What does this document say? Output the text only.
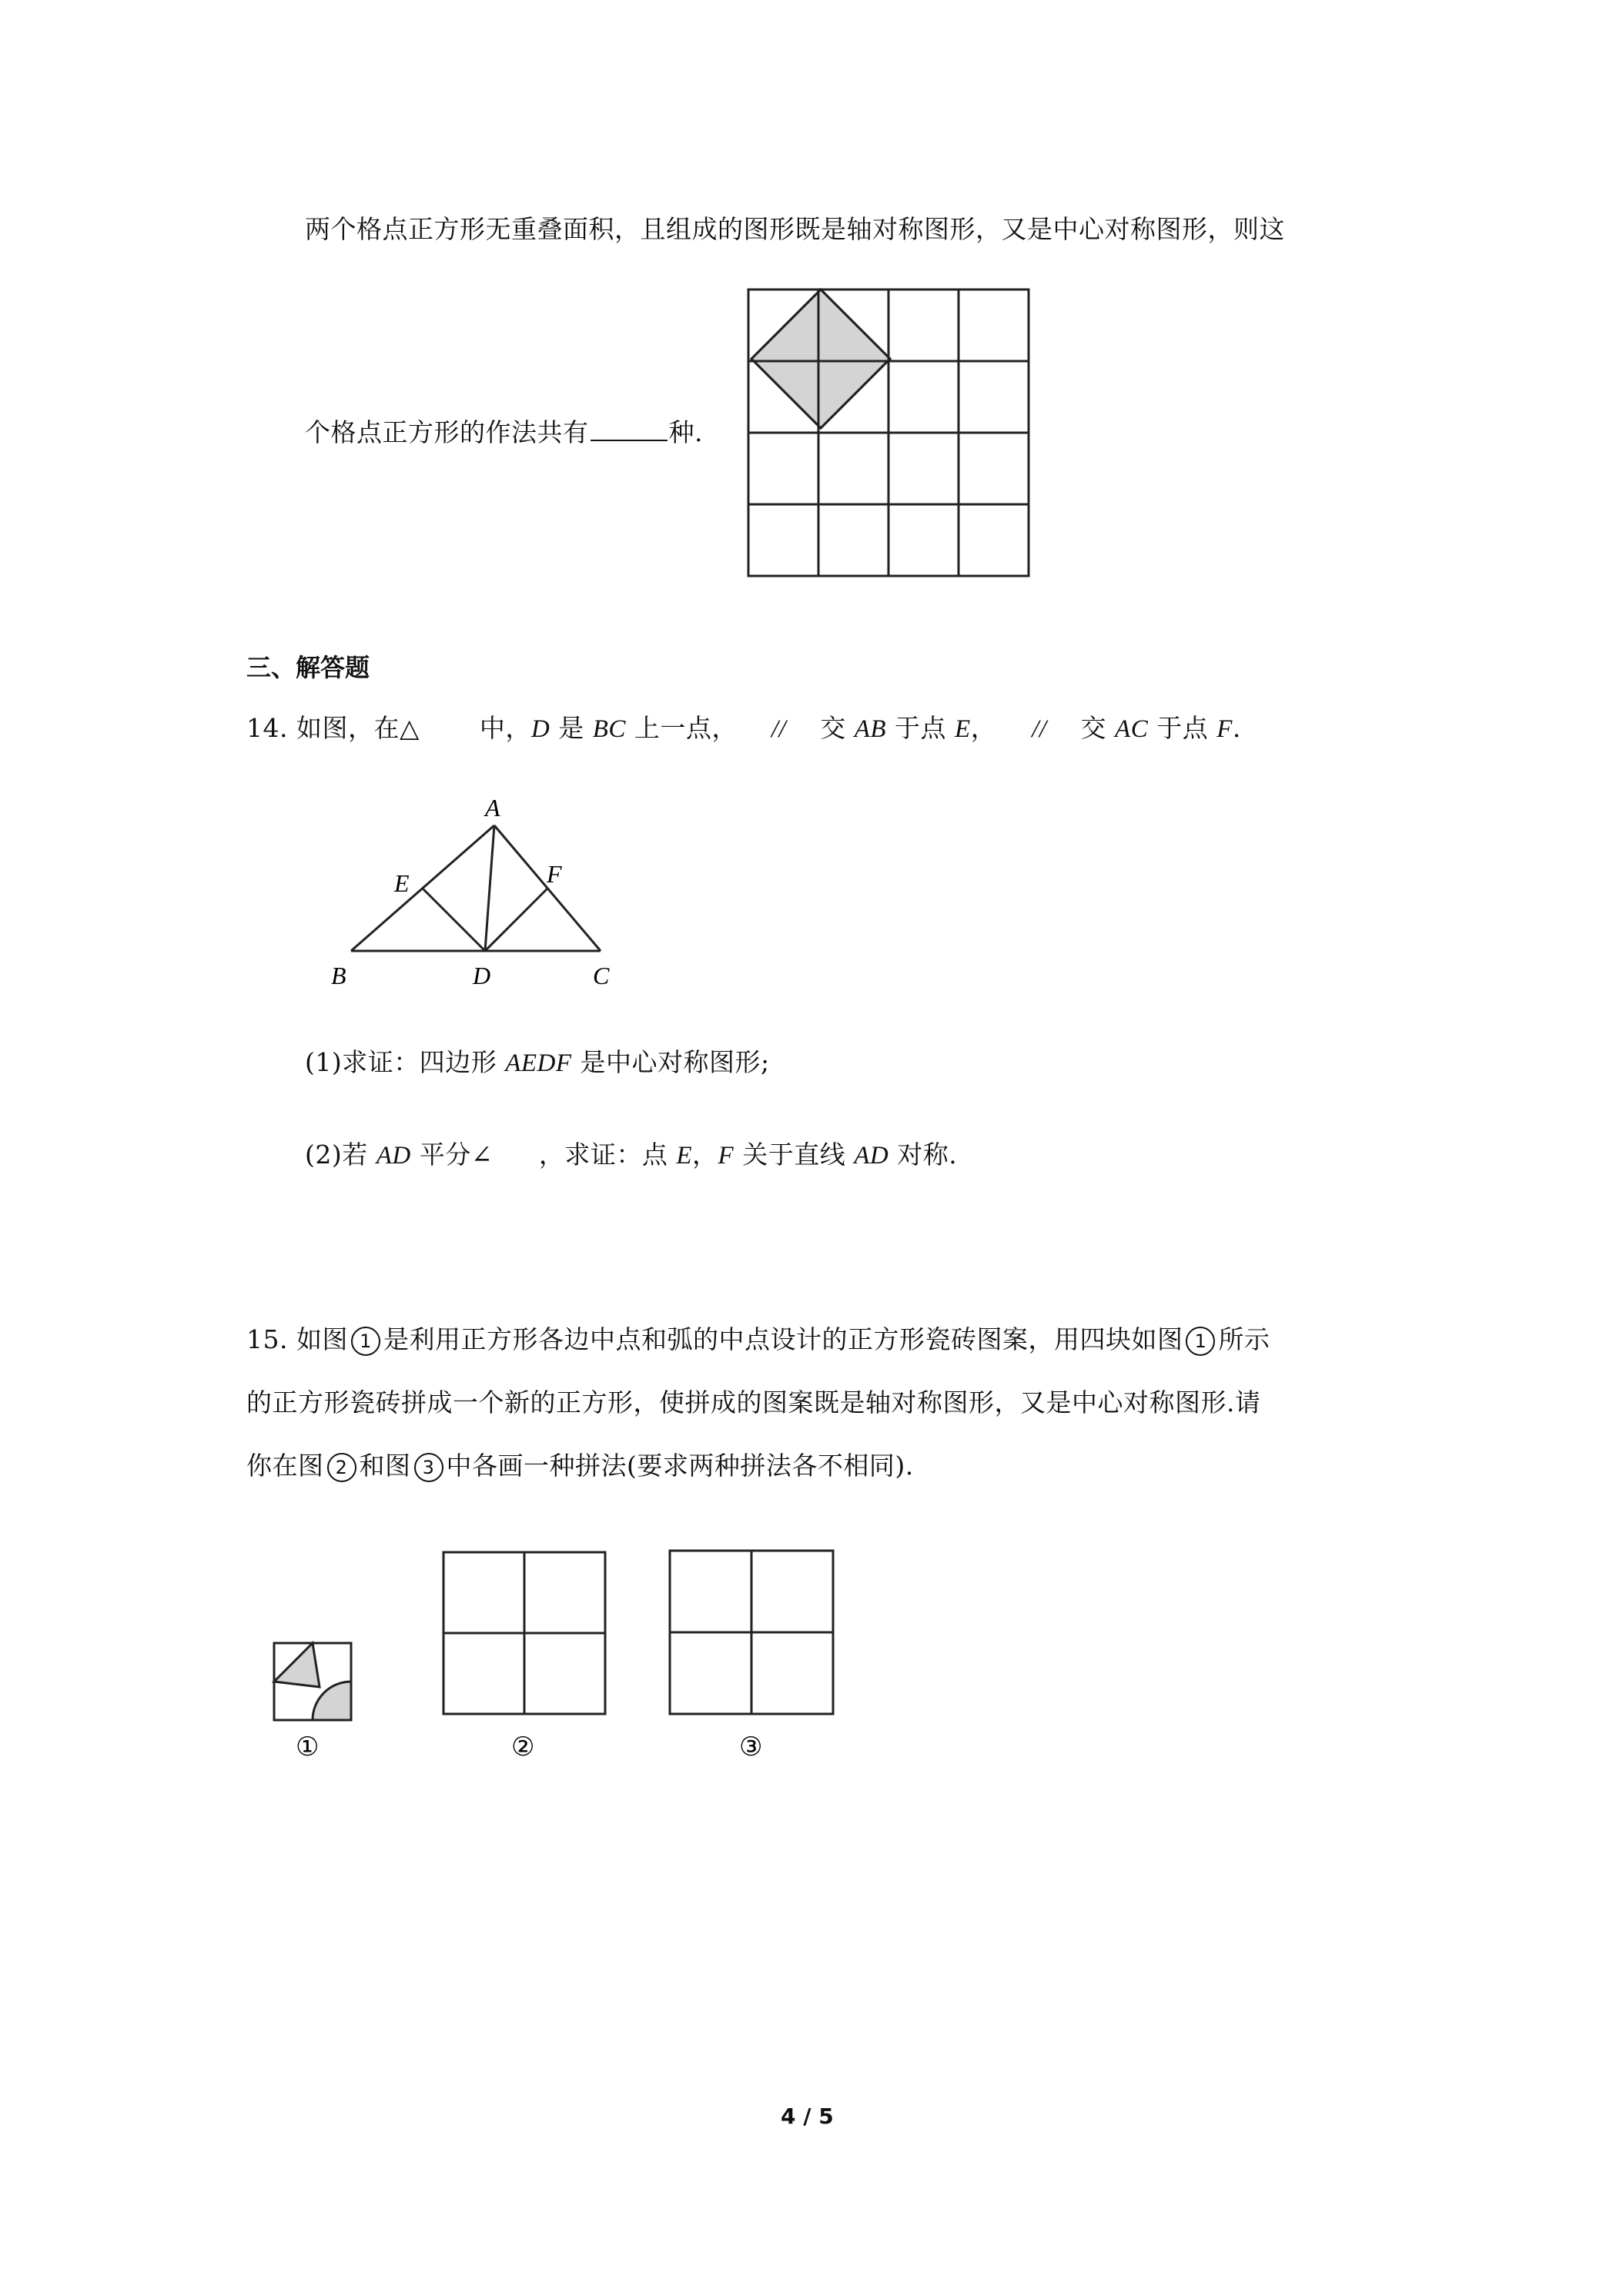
两个格点正方形无重叠面积，且组成的图形既是轴对称图形，又是中心对称图形，则这
个格点正方形的作法共有	种.
三、解答题
14. 如图，在△ 中，D 是 BC 上一点， // 交 AB 于点 E， // 交 AC 于点 F.
A
B	C
D
E	F
(1)求证：四边形 AEDF 是中心对称图形;
(2)若 AD 平分∠ ，求证：点 E，F 关于直线 AD 对称.
15. 如图 1 是利用正方形各边中点和弧的中点设计的正方形瓷砖图案，用四块如图 1 所示
的正方形瓷砖拼成一个新的正方形，使拼成的图案既是轴对称图形，又是中心对称图形.请
你在图 2 和图 3 中各画一种拼法(要求两种拼法各不相同).
①	②	③
4 / 5
